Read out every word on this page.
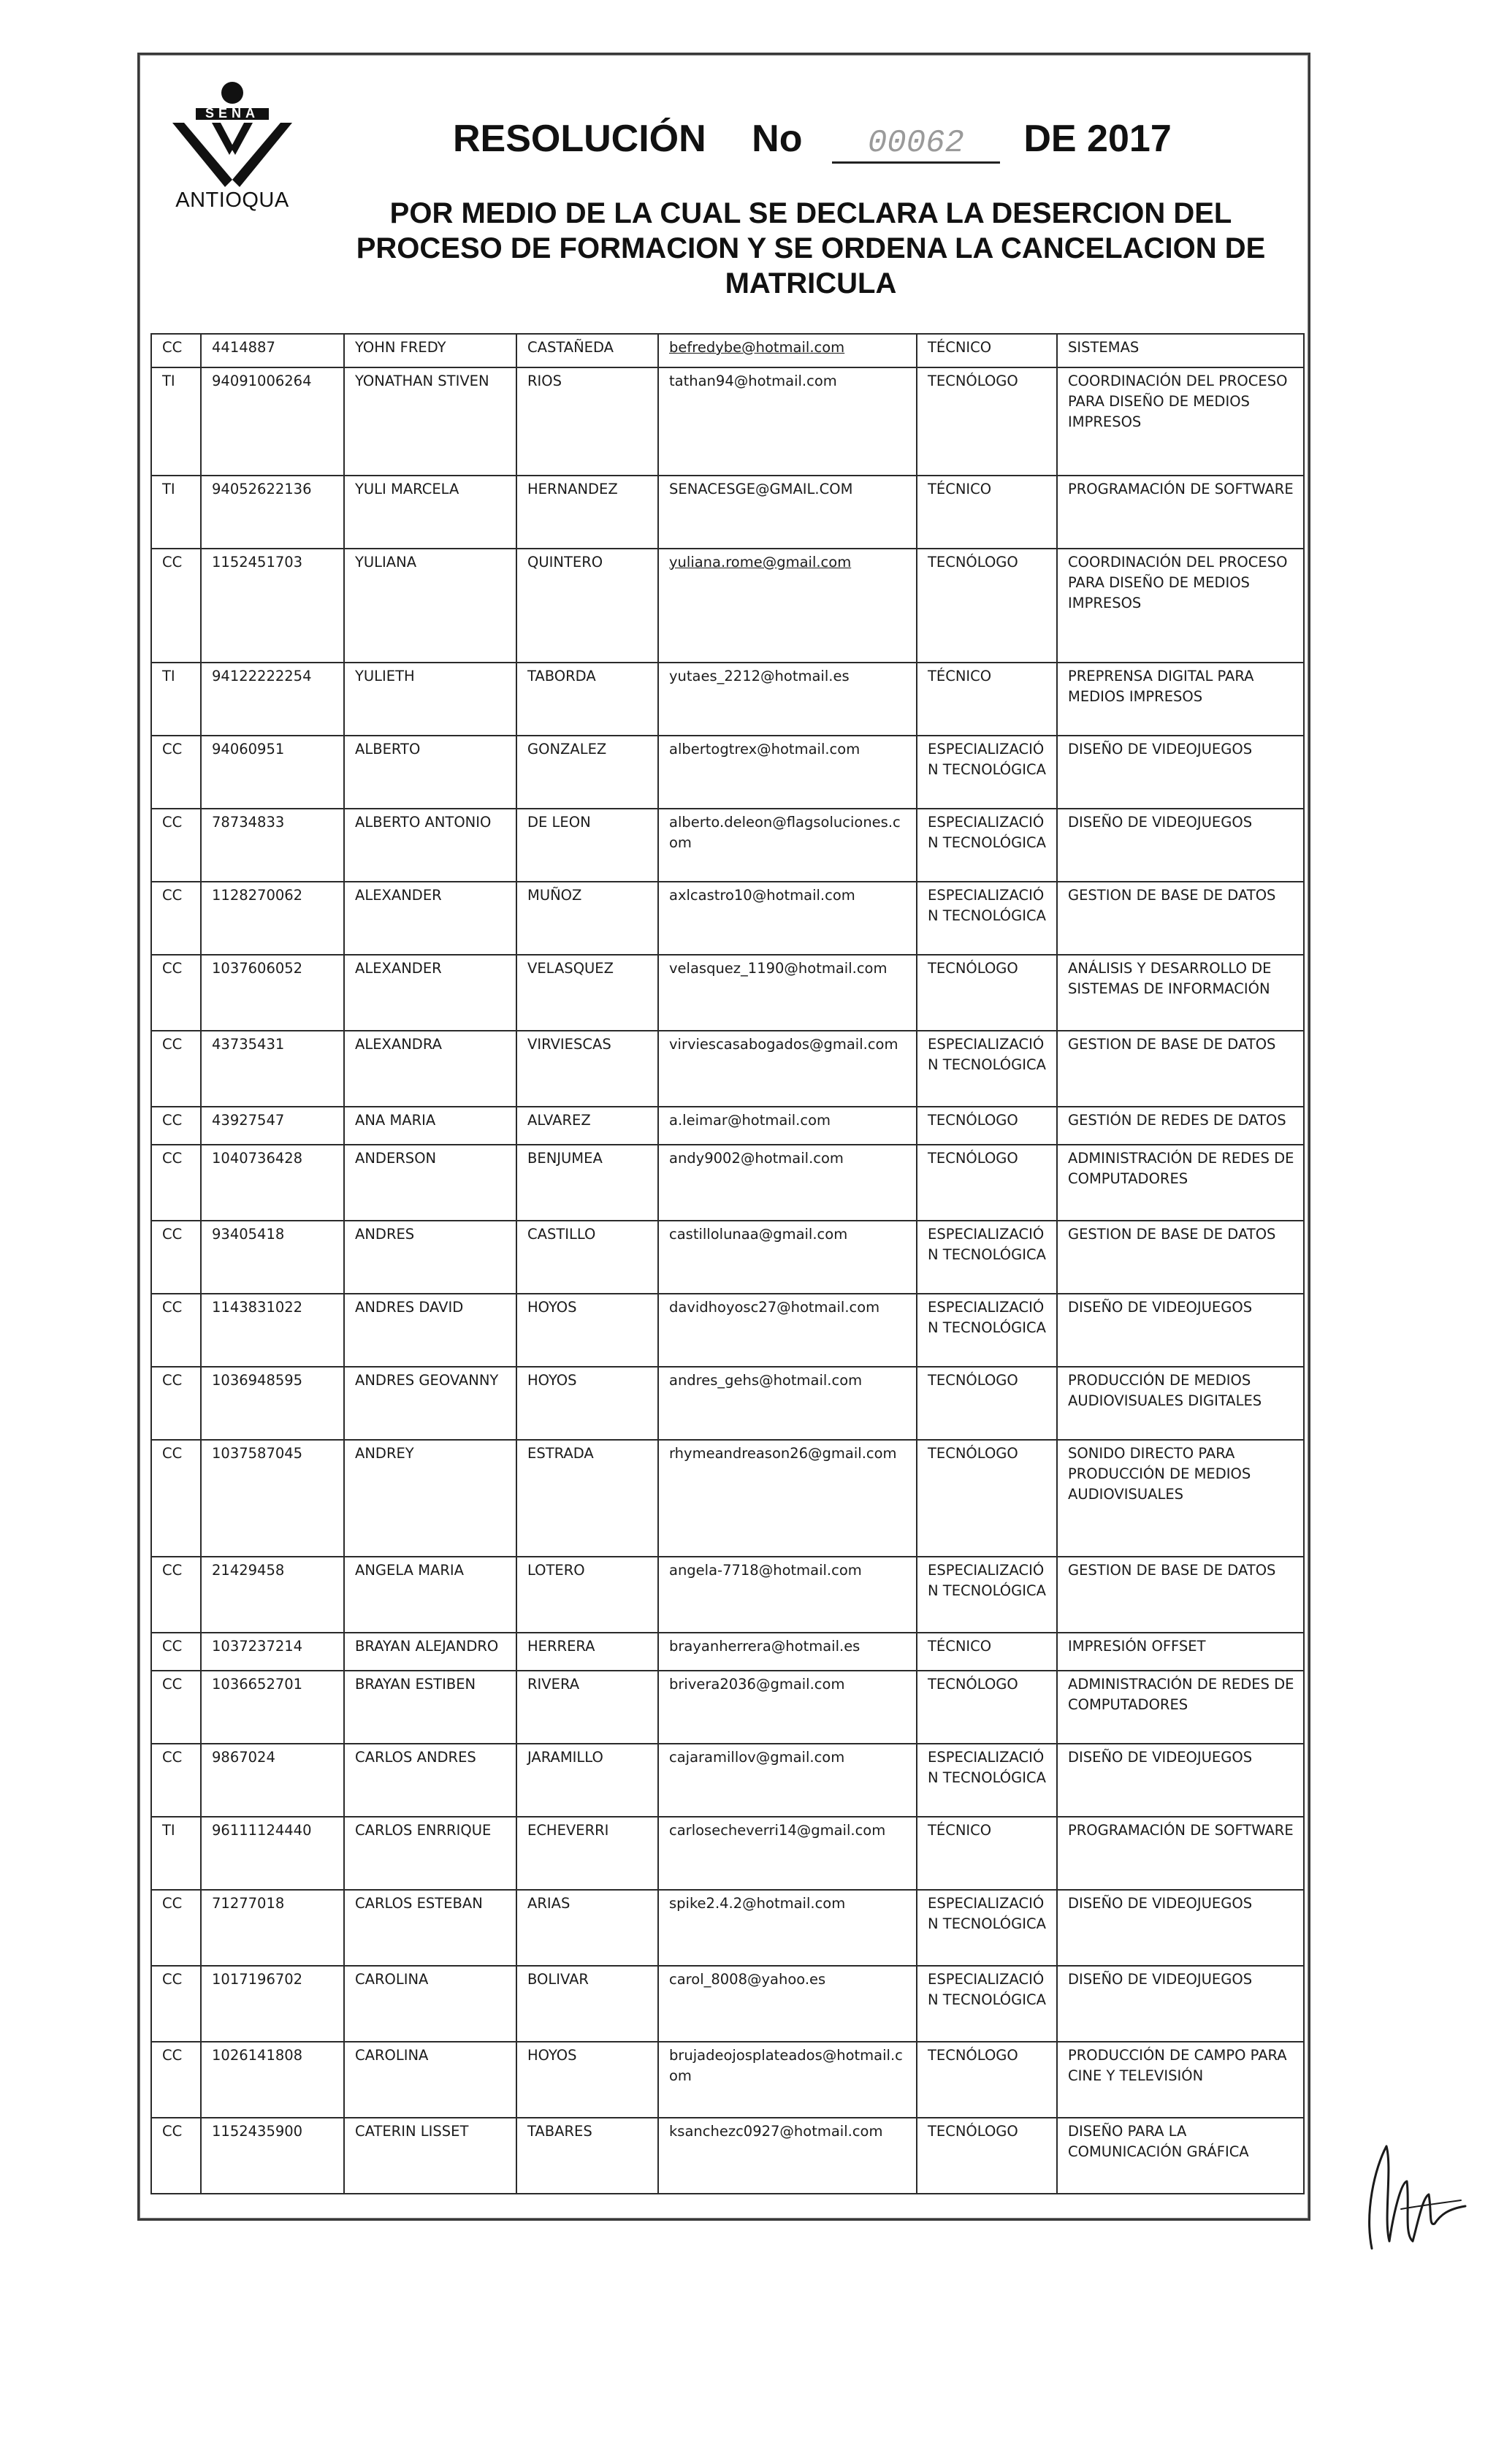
SENA
ANTIOQUA
RESOLUCIÓN No 00062 DE 2017
POR MEDIO DE LA CUAL SE DECLARA LA DESERCION DEL
PROCESO DE FORMACION Y SE ORDENA LA CANCELACION DE
MATRICULA
CC	4414887	YOHN FREDY	CASTAÑEDA	befredybe@hotmail.com	TÉCNICO	SISTEMAS
TI	94091006264	YONATHAN STIVEN	RIOS	tathan94@hotmail.com	TECNÓLOGO	COORDINACIÓN DEL PROCESO PARA DISEÑO DE MEDIOS IMPRESOS
TI	94052622136	YULI MARCELA	HERNANDEZ	SENACESGE@GMAIL.COM	TÉCNICO	PROGRAMACIÓN DE SOFTWARE
CC	1152451703	YULIANA	QUINTERO	yuliana.rome@gmail.com	TECNÓLOGO	COORDINACIÓN DEL PROCESO PARA DISEÑO DE MEDIOS IMPRESOS
TI	94122222254	YULIETH	TABORDA	yutaes_2212@hotmail.es	TÉCNICO	PREPRENSA DIGITAL PARA MEDIOS IMPRESOS
CC	94060951	ALBERTO	GONZALEZ	albertogtrex@hotmail.com	ESPECIALIZACIÓN TECNOLÓGICA	DISEÑO DE VIDEOJUEGOS
CC	78734833	ALBERTO ANTONIO	DE LEON	alberto.deleon@flagsoluciones.com	ESPECIALIZACIÓN TECNOLÓGICA	DISEÑO DE VIDEOJUEGOS
CC	1128270062	ALEXANDER	MUÑOZ	axlcastro10@hotmail.com	ESPECIALIZACIÓN TECNOLÓGICA	GESTION DE BASE DE DATOS
CC	1037606052	ALEXANDER	VELASQUEZ	velasquez_1190@hotmail.com	TECNÓLOGO	ANÁLISIS Y DESARROLLO DE SISTEMAS DE INFORMACIÓN
CC	43735431	ALEXANDRA	VIRVIESCAS	virviescasabogados@gmail.com	ESPECIALIZACIÓN TECNOLÓGICA	GESTION DE BASE DE DATOS
CC	43927547	ANA MARIA	ALVAREZ	a.leimar@hotmail.com	TECNÓLOGO	GESTIÓN DE REDES DE DATOS
CC	1040736428	ANDERSON	BENJUMEA	andy9002@hotmail.com	TECNÓLOGO	ADMINISTRACIÓN DE REDES DE COMPUTADORES
CC	93405418	ANDRES	CASTILLO	castillolunaa@gmail.com	ESPECIALIZACIÓN TECNOLÓGICA	GESTION DE BASE DE DATOS
CC	1143831022	ANDRES DAVID	HOYOS	davidhoyosc27@hotmail.com	ESPECIALIZACIÓN TECNOLÓGICA	DISEÑO DE VIDEOJUEGOS
CC	1036948595	ANDRES GEOVANNY	HOYOS	andres_gehs@hotmail.com	TECNÓLOGO	PRODUCCIÓN DE MEDIOS AUDIOVISUALES DIGITALES
CC	1037587045	ANDREY	ESTRADA	rhymeandreason26@gmail.com	TECNÓLOGO	SONIDO DIRECTO PARA PRODUCCIÓN DE MEDIOS AUDIOVISUALES
CC	21429458	ANGELA MARIA	LOTERO	angela-7718@hotmail.com	ESPECIALIZACIÓN TECNOLÓGICA	GESTION DE BASE DE DATOS
CC	1037237214	BRAYAN ALEJANDRO	HERRERA	brayanherrera@hotmail.es	TÉCNICO	IMPRESIÓN OFFSET
CC	1036652701	BRAYAN ESTIBEN	RIVERA	brivera2036@gmail.com	TECNÓLOGO	ADMINISTRACIÓN DE REDES DE COMPUTADORES
CC	9867024	CARLOS ANDRES	JARAMILLO	cajaramillov@gmail.com	ESPECIALIZACIÓN TECNOLÓGICA	DISEÑO DE VIDEOJUEGOS
TI	96111124440	CARLOS ENRRIQUE	ECHEVERRI	carlosecheverri14@gmail.com	TÉCNICO	PROGRAMACIÓN DE SOFTWARE
CC	71277018	CARLOS ESTEBAN	ARIAS	spike2.4.2@hotmail.com	ESPECIALIZACIÓN TECNOLÓGICA	DISEÑO DE VIDEOJUEGOS
CC	1017196702	CAROLINA	BOLIVAR	carol_8008@yahoo.es	ESPECIALIZACIÓN TECNOLÓGICA	DISEÑO DE VIDEOJUEGOS
CC	1026141808	CAROLINA	HOYOS	brujadeojosplateados@hotmail.com	TECNÓLOGO	PRODUCCIÓN DE CAMPO PARA CINE Y TELEVISIÓN
CC	1152435900	CATERIN LISSET	TABARES	ksanchezc0927@hotmail.com	TECNÓLOGO	DISEÑO PARA LA COMUNICACIÓN GRÁFICA
